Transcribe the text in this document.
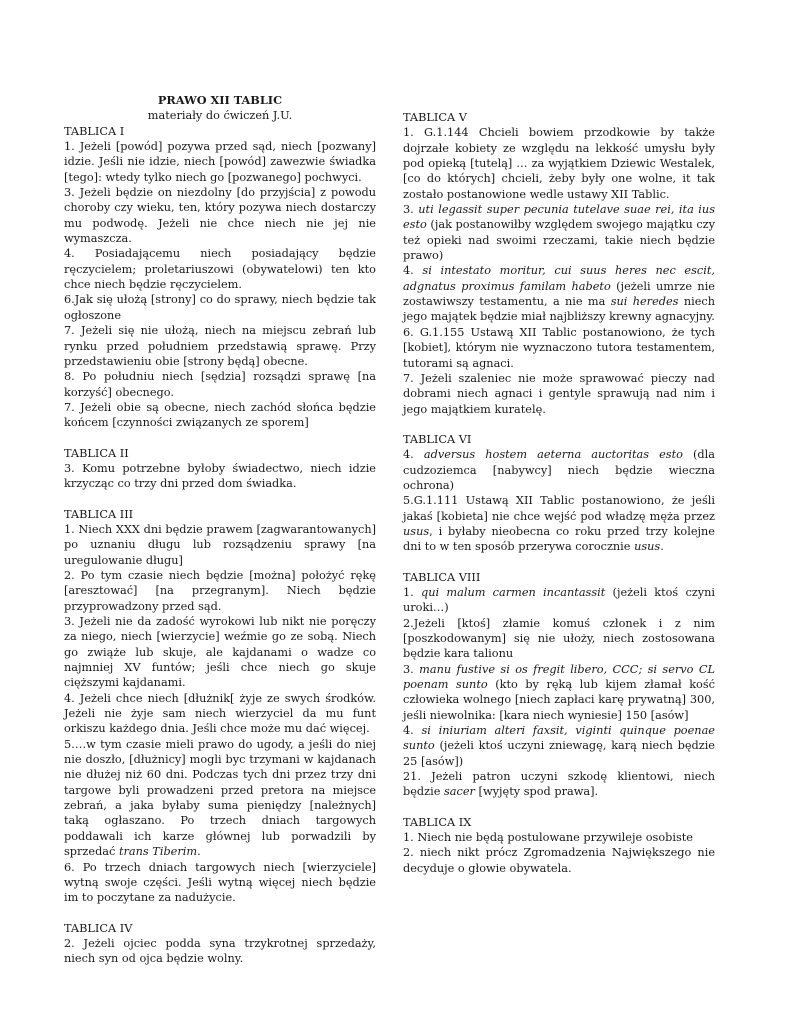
PRAWO XII TABLIC
materiały do ćwiczeń J.U.
TABLICA I

1. Jeżeli [powód] pozywa przed sąd, niech [pozwany] idzie. Jeśli nie idzie, niech [powód] zawezwie świadka [tego]: wtedy tylko niech go [pozwanego] pochwyci.

3. Jeżeli będzie on niezdolny [do przyjścia] z powodu choroby czy wieku, ten, który pozywa niech dostarczy mu podwodę. Jeżeli nie chce niech nie jej nie wymaszcza.

4. Posiadającemu niech posiadający będzie ręczycielem; proletariuszowi (obywatelowi) ten kto chce niech będzie ręczycielem.

6.Jak się ułożą [strony] co do sprawy, niech będzie tak ogłoszone

7. Jeżeli się nie ułożą, niech na miejscu zebrań lub rynku przed południem przedstawią sprawę. Przy przedstawieniu obie [strony będą] obecne.

8. Po południu niech [sędzia] rozsądzi sprawę [na korzyść] obecnego.

7. Jeżeli obie są obecne, niech zachód słońca będzie końcem [czynności związanych ze sporem]

TABLICA II

3. Komu potrzebne byłoby świadectwo, niech idzie krzycząc co trzy dni przed dom świadka.

TABLICA III

1. Niech XXX dni będzie prawem [zagwarantowanych] po uznaniu długu lub rozsądzeniu sprawy [na uregulowanie długu]

2. Po tym czasie niech będzie [można] położyć rękę [aresztować] [na przegranym]. Niech będzie przyprowadzony przed sąd.

3. Jeżeli nie da zadość wyrokowi lub nikt nie poręczy za niego, niech [wierzycie] weźmie go ze sobą. Niech go zwiąże lub skuje, ale kajdanami o wadze co najmniej XV funtów; jeśli chce niech go skuje cięższymi kajdanami.

4. Jeżeli chce niech [dłużnik[ żyje ze swych środków. Jeżeli nie żyje sam niech wierzyciel da mu funt orkiszu każdego dnia. Jeśli chce może mu dać więcej.

5….w tym czasie mieli prawo do ugody, a jeśli do niej nie doszło, [dłużnicy] mogli byc trzymani w kajdanach nie dłużej niż 60 dni. Podczas tych dni przez trzy dni targowe byli prowadzeni przed pretora na miejsce zebrań, a jaka byłaby suma pieniędzy [należnych] taką ogłaszano. Po trzech dniach targowych poddawali ich karze głównej lub porwadzili by sprzedać trans Tiberim.

6. Po trzech dniach targowych niech [wierzyciele] wytną swoje części. Jeśli wytną więcej niech będzie im to poczytane za nadużycie.

TABLICA IV

2. Jeżeli ojciec podda syna trzykrotnej sprzedaży, niech syn od ojca będzie wolny.

TABLICA V

1. G.1.144 Chcieli bowiem przodkowie by także dojrzałe kobiety ze względu na lekkość umysłu były pod opieką [tutelą] … za wyjątkiem Dziewic Westalek, [co do których] chcieli, żeby były one wolne, it tak zostało postanowione wedle ustawy XII Tablic.

3. uti legassit super pecunia tutelave suae rei, ita ius esto (jak postanowiłby względem swojego majątku czy też opieki nad swoimi rzeczami, takie niech będzie prawo)

4. si intestato moritur, cui suus heres nec escit, adgnatus proximus familam habeto (jeżeli umrze nie zostawiwszy testamentu, a nie ma sui heredes niech jego majątek będzie miał najbliższy krewny agnacyjny.

6. G.1.155 Ustawą XII Tablic postanowiono, że tych [kobiet], którym nie wyznaczono tutora testamentem, tutorami są agnaci.

7. Jeżeli szaleniec nie może sprawować pieczy nad dobrami niech agnaci i gentyle sprawują nad nim i jego majątkiem kuratelę.

TABLICA VI

4. adversus hostem aeterna auctoritas esto (dla cudzoziemca [nabywcy] niech będzie wieczna ochrona)

5.G.1.111 Ustawą XII Tablic postanowiono, że jeśli jakaś [kobieta] nie chce wejść pod władzę męża przez usus, i byłaby nieobecna co roku przed trzy kolejne dni to w ten sposób przerywa corocznie usus.

TABLICA VIII

1. qui malum carmen incantassit (jeżeli ktoś czyni uroki…)

2.Jeżeli [ktoś] złamie komuś członek i z nim [poszkodowanym] się nie ułoży, niech zostosowana będzie kara talionu

3. manu fustive si os fregit libero, CCC; si servo CL poenam sunto (kto by ręką lub kijem złamał kość człowieka wolnego [niech zapłaci karę prywatną] 300, jeśli niewolnika: [kara niech wyniesie] 150 [asów]

4. si iniuriam alteri faxsit, viginti quinque poenae sunto (jeżeli ktoś uczyni zniewagę, karą niech będzie 25 [asów])

21. Jeżeli patron uczyni szkodę klientowi, niech będzie sacer [wyjęty spod prawa].

TABLICA IX

1. Niech nie będą postulowane przywileje osobiste

2. niech nikt prócz Zgromadzenia Największego nie decyduje o głowie obywatela.
